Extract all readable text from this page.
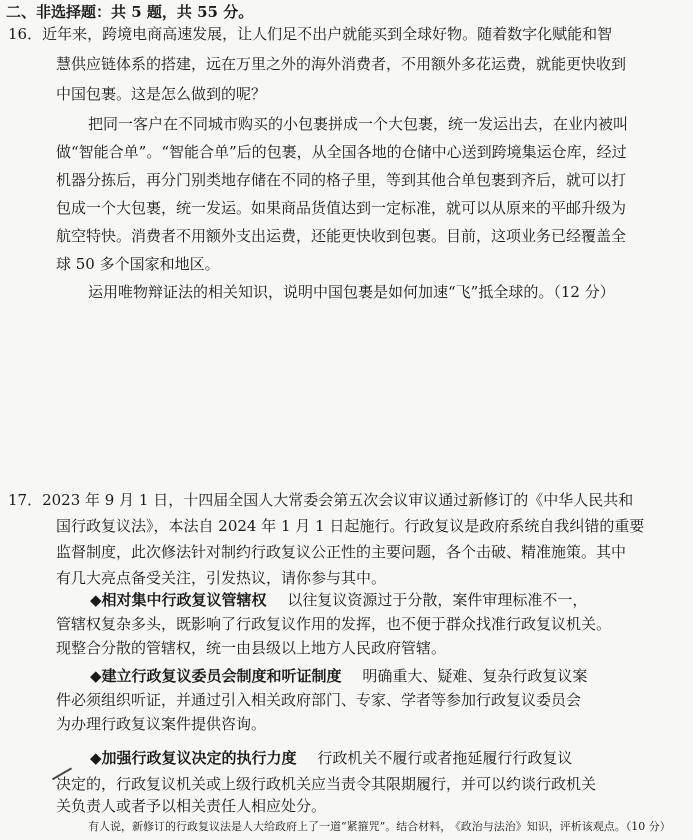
二、非选择题：共 5 题，共 55 分。
16．近年来，跨境电商高速发展，让人们足不出户就能买到全球好物。随着数字化赋能和智
慧供应链体系的搭建，远在万里之外的海外消费者，不用额外多花运费，就能更快收到
中国包裹。这是怎么做到的呢？
把同一客户在不同城市购买的小包裹拼成一个大包裹，统一发运出去，在业内被叫
做“智能合单”。“智能合单”后的包裹，从全国各地的仓储中心送到跨境集运仓库，经过
机器分拣后，再分门别类地存储在不同的格子里，等到其他合单包裹到齐后，就可以打
包成一个大包裹，统一发运。如果商品货值达到一定标准，就可以从原来的平邮升级为
航空特快。消费者不用额外支出运费，还能更快收到包裹。目前，这项业务已经覆盖全
球 50 多个国家和地区。
运用唯物辩证法的相关知识，说明中国包裹是如何加速“飞”抵全球的。（12 分）
17．2023 年 9 月 1 日，十四届全国人大常委会第五次会议审议通过新修订的《中华人民共和
国行政复议法》，本法自 2024 年 1 月 1 日起施行。行政复议是政府系统自我纠错的重要
监督制度，此次修法针对制约行政复议公正性的主要问题，各个击破、精准施策。其中
有几大亮点备受关注，引发热议，请你参与其中。
◆相对集中行政复议管辖权 以往复议资源过于分散，案件审理标准不一，
管辖权复杂多头，既影响了行政复议作用的发挥，也不便于群众找准行政复议机关。
现整合分散的管辖权，统一由县级以上地方人民政府管辖。
◆建立行政复议委员会制度和听证制度 明确重大、疑难、复杂行政复议案
件必须组织听证，并通过引入相关政府部门、专家、学者等参加行政复议委员会
为办理行政复议案件提供咨询。
◆加强行政复议决定的执行力度 行政机关不履行或者拖延履行行政复议
决定的，行政复议机关或上级行政机关应当责令其限期履行，并可以约谈行政机关
关负责人或者予以相关责任人相应处分。
有人说，新修订的行政复议法是人大给政府上了一道“紧箍咒”。结合材料， 《政治与法治》知识，评析该观点。（10 分）
